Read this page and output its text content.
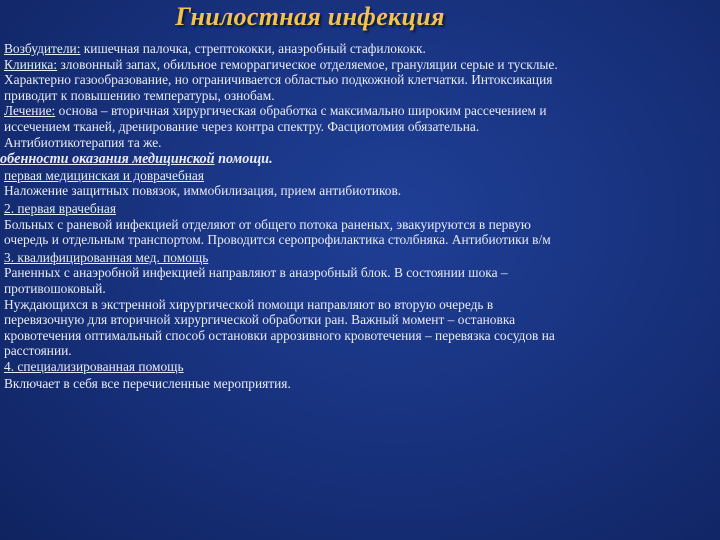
Гнилостная инфекция
Возбудители: кишечная палочка, стрептококки, анаэробный стафилококк.
Клиника: зловонный запах, обильное геморрагическое отделяемое, грануляции серые и тусклые.
Характерно газообразование, но ограничивается областью подкожной клетчатки. Интоксикация
приводит к повышению температуры, ознобам.
Лечение: основа – вторичная хирургическая обработка с максимально широким рассечением и
иссечением тканей, дренирование через контра спектру. Фасциотомия обязательна.
Антибиотикотерапия та же.
обенности оказания медицинской помощи.
первая медицинская и доврачебная
Наложение защитных повязок, иммобилизация, прием антибиотиков.
2. первая врачебная
Больных с раневой инфекцией отделяют от общего потока раненых, эвакуируются в первую
очередь и отдельным транспортом. Проводится серопрофилактика столбняка. Антибиотики в/м
3. квалифицированная мед. помощь
Раненных с анаэробной инфекцией направляют в анаэробный блок. В состоянии шока –
противошоковый.
Нуждающихся в экстренной хирургической помощи направляют во вторую очередь в
перевязочную для вторичной хирургической обработки ран. Важный момент – остановка
кровотечения оптимальный способ остановки аррозивного кровотечения – перевязка сосудов на
расстоянии.
4. специализированная помощь
Включает в себя все перечисленные мероприятия.
